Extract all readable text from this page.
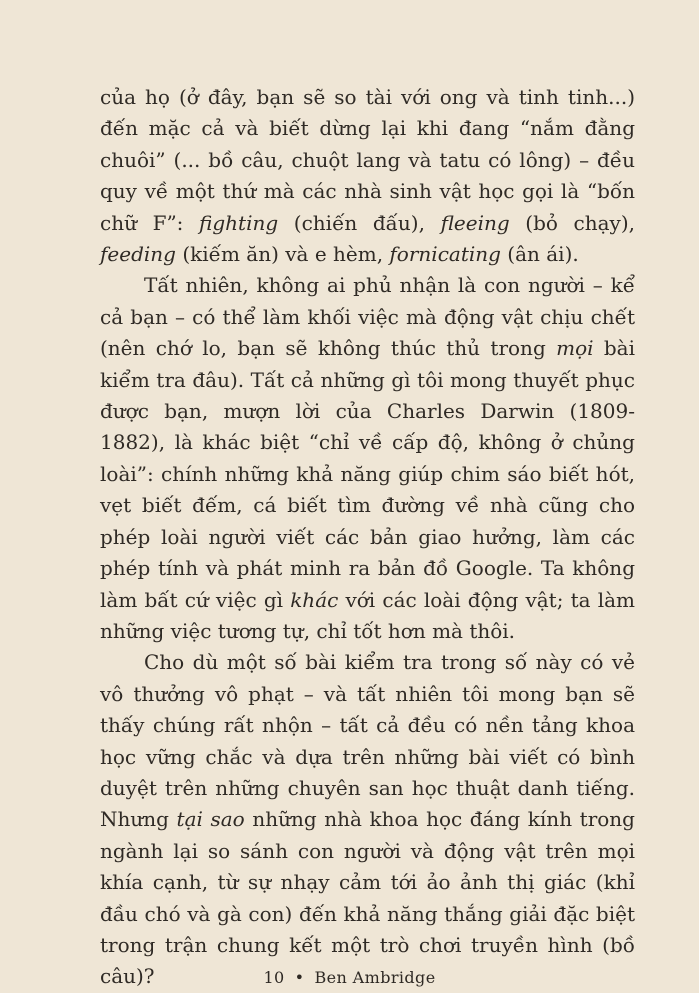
của họ (ở đây, bạn sẽ so tài với ong và tinh tinh...) đến mặc cả và biết dừng lại khi đang “nắm đằng chuôi” (... bồ câu, chuột lang và tatu có lông) – đều quy về một thứ mà các nhà sinh vật học gọi là “bốn chữ F”: fighting (chiến đấu), fleeing (bỏ chạy), feeding (kiếm ăn) và e hèm, fornicating (ân ái).

Tất nhiên, không ai phủ nhận là con người – kể cả bạn – có thể làm khối việc mà động vật chịu chết (nên chớ lo, bạn sẽ không thúc thủ trong mọi bài kiểm tra đâu). Tất cả những gì tôi mong thuyết phục được bạn, mượn lời của Charles Darwin (1809-1882), là khác biệt “chỉ về cấp độ, không ở chủng loài”: chính những khả năng giúp chim sáo biết hót, vẹt biết đếm, cá biết tìm đường về nhà cũng cho phép loài người viết các bản giao hưởng, làm các phép tính và phát minh ra bản đồ Google. Ta không làm bất cứ việc gì khác với các loài động vật; ta làm những việc tương tự, chỉ tốt hơn mà thôi.

Cho dù một số bài kiểm tra trong số này có vẻ vô thưởng vô phạt – và tất nhiên tôi mong bạn sẽ thấy chúng rất nhộn – tất cả đều có nền tảng khoa học vững chắc và dựa trên những bài viết có bình duyệt trên những chuyên san học thuật danh tiếng. Nhưng tại sao những nhà khoa học đáng kính trong ngành lại so sánh con người và động vật trên mọi khía cạnh, từ sự nhạy cảm tới ảo ảnh thị giác (khỉ đầu chó và gà con) đến khả năng thắng giải đặc biệt trong trận chung kết một trò chơi truyền hình (bồ câu)?	10 • Ben Ambridge
